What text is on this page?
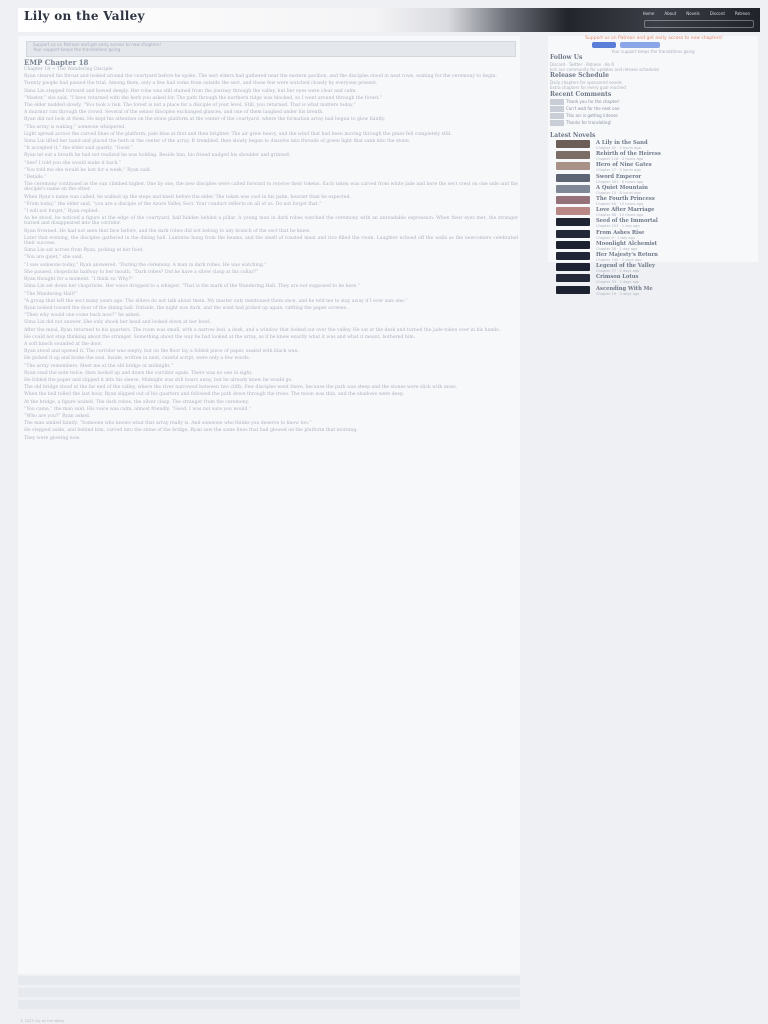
Lily on the Valley	Home	About	Novels	Discord	Patreon

Support us on Patreon and get early access to new chapters!

Your support keeps the translations going

EMP Chapter 18

Chapter 18 ~ The Wandering Disciple

Ryan cleared his throat and looked around the courtyard before he spoke. The sect elders had gathered near the eastern pavilion, and the disciples stood in neat rows, waiting for the ceremony to begin.

Twenty people had passed the trial. Among them, only a few had come from outside the sect, and those few were watched closely by everyone present.

Sima Lin stepped forward and bowed deeply. Her robe was still stained from the journey through the valley, but her eyes were clear and calm.

“Master,” she said, “I have returned with the herb you asked for. The path through the northern ridge was blocked, so I went around through the forest.”

The elder nodded slowly. “You took a risk. The forest is not a place for a disciple of your level. Still, you returned. That is what matters today.”

A murmur ran through the crowd. Several of the senior disciples exchanged glances, and one of them laughed under his breath.

Ryan did not look at them. He kept his attention on the stone platform at the center of the courtyard, where the formation array had begun to glow faintly.

“The array is waking,” someone whispered.

Light spread across the carved lines of the platform, pale blue at first and then brighter. The air grew heavy, and the wind that had been moving through the pines fell completely still.

Sima Lin lifted her hand and placed the herb at the center of the array. It trembled, then slowly began to dissolve into threads of green light that sank into the stone.

“It accepted it,” the elder said quietly. “Good.”

Ryan let out a breath he had not realized he was holding. Beside him, his friend nudged his shoulder and grinned.

“See? I told you she would make it back.”

“You told me she would be lost for a week,” Ryan said.

“Details.”

The ceremony continued as the sun climbed higher. One by one, the new disciples were called forward to receive their tokens. Each token was carved from white jade and bore the sect crest on one side and the disciple's name on the other.

When Ryan's name was called, he walked up the steps and knelt before the elder. The token was cool in his palm, heavier than he expected.

“From today,” the elder said, “you are a disciple of the Azure Valley Sect. Your conduct reflects on all of us. Do not forget that.”

“I will not forget,” Ryan replied.

As he stood, he noticed a figure at the edge of the courtyard, half hidden behind a pillar. A young man in dark robes watched the ceremony with an unreadable expression. When their eyes met, the stranger turned and disappeared into the corridor.

Ryan frowned. He had not seen that face before, and the dark robes did not belong to any branch of the sect that he knew.

Later that evening, the disciples gathered in the dining hall. Lanterns hung from the beams, and the smell of roasted meat and rice filled the room. Laughter echoed off the walls as the newcomers celebrated their success.

Sima Lin sat across from Ryan, picking at her food.

“You are quiet,” she said.

“I saw someone today,” Ryan answered. “During the ceremony. A man in dark robes. He was watching.”

She paused, chopsticks halfway to her mouth. “Dark robes? Did he have a silver clasp at his collar?”

Ryan thought for a moment. “I think so. Why?”

Sima Lin set down her chopsticks. Her voice dropped to a whisper. “That is the mark of the Wandering Hall. They are not supposed to be here.”

“The Wandering Hall?”

“A group that left the sect many years ago. The elders do not talk about them. My master only mentioned them once, and he told me to stay away if I ever saw one.”

Ryan looked toward the door of the dining hall. Outside, the night was dark, and the wind had picked up again, rattling the paper screens.

“Then why would one come back now?” he asked.

Sima Lin did not answer. She only shook her head and looked down at her bowl.

After the meal, Ryan returned to his quarters. The room was small, with a narrow bed, a desk, and a window that looked out over the valley. He sat at the desk and turned the jade token over in his hands.

He could not stop thinking about the stranger. Something about the way he had looked at the array, as if he knew exactly what it was and what it meant, bothered him.

A soft knock sounded at the door.

Ryan stood and opened it. The corridor was empty, but on the floor lay a folded piece of paper, sealed with black wax.

He picked it up and broke the seal. Inside, written in neat, careful script, were only a few words.

“The array remembers. Meet me at the old bridge at midnight.”

Ryan read the note twice, then looked up and down the corridor again. There was no one in sight.

He folded the paper and slipped it into his sleeve. Midnight was still hours away, but he already knew he would go.

The old bridge stood at the far end of the valley, where the river narrowed between two cliffs. Few disciples went there, because the path was steep and the stones were slick with moss.

When the bell tolled the last hour, Ryan slipped out of his quarters and followed the path down through the trees. The moon was thin, and the shadows were deep.

At the bridge, a figure waited. The dark robes, the silver clasp. The stranger from the ceremony.

“You came,” the man said. His voice was calm, almost friendly. “Good. I was not sure you would.”

“Who are you?” Ryan asked.

The man smiled faintly. “Someone who knows what that array really is. And someone who thinks you deserve to know too.”

He stepped aside, and behind him, carved into the stone of the bridge, Ryan saw the same lines that had glowed on the platform that morning.

They were glowing now.

© 2023 Lily on the Valley
Support us on Patreon and get early access to new chapters!
Your support keeps the translations going
Follow Us
Discord · Twitter · Patreon · Ko-fi
Join our community for updates and release schedules
Release Schedule
Daily chapters for sponsored novels
Extra chapters for every goal reached
Recent Comments
Thank you for the chapter!
Can't wait for the next one
This arc is getting intense
Thanks for translating!
Latest Novels
A Lily in the Sand
Chapter 42 · 2 hours ago
Rebirth of the Heiress
Chapter 118 · 3 hours ago
Hero of Nine Gates
Chapter 27 · 5 hours ago
Sword Emperor
Chapter 301 · 6 hours ago
A Quiet Mountain
Chapter 15 · 8 hours ago
The Fourth Princess
Chapter 64 · 10 hours ago
Love After Marriage
Chapter 88 · 12 hours ago
Seed of the Immortal
Chapter 203 · 1 day ago
From Ashes Rise
Chapter 9 · 1 day ago
Moonlight Alchemist
Chapter 56 · 1 day ago
Her Majesty's Return
Chapter 140 · 2 days ago
Legend of the Valley
Chapter 77 · 2 days ago
Crimson Lotus
Chapter 33 · 2 days ago
Ascending With Me
Chapter 19 · 3 days ago
